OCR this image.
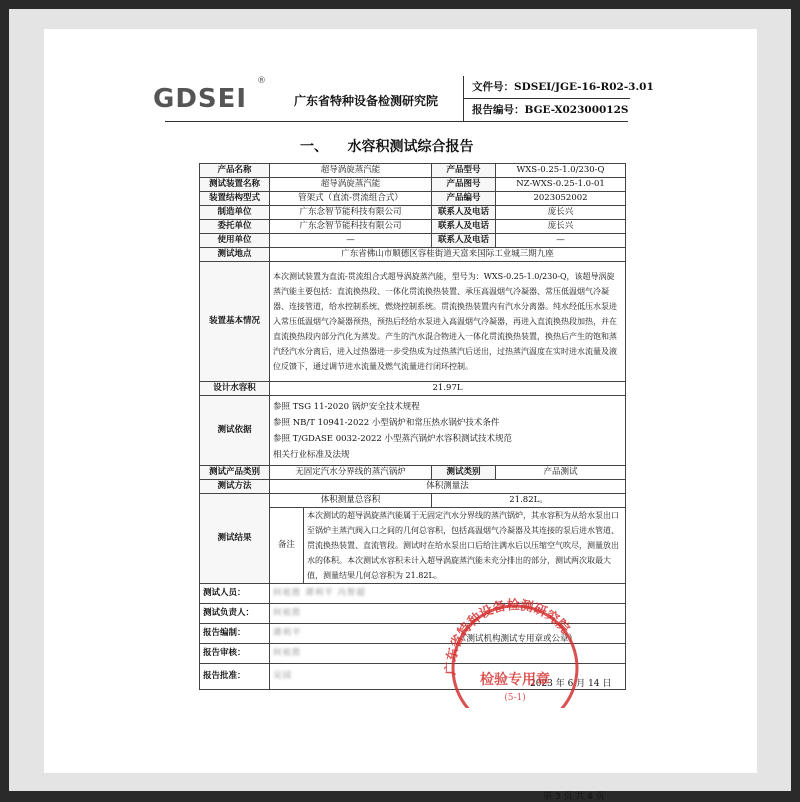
GDSEI
®
广东省特种设备检测研究院
文件号：SDSEI/JGE-16-R02-3.01
报告编号：BGE-X02300012S
一、    水容积测试综合报告
产品名称	超导涡旋蒸汽能		产品型号	WXS-0.25-1.0/230-Q
测试装置名称	超导涡旋蒸汽能		产品图号	NZ-WXS-0.25-1.0-01
装置结构型式	管架式（直流-贯流组合式）		产品编号	2023052002
制造单位	广东念智节能科技有限公司		联系人及电话	庞长兴
委托单位	广东念智节能科技有限公司		联系人及电话	庞长兴
使用单位	—		联系人及电话	—
测试地点	广东省佛山市顺德区容桂街道天富来国际工业城三期九座			
装置基本情况	本次测试装置为直流-贯流组合式超导涡旋蒸汽能，型号为：WXS-0.25-1.0/230-Q，该超导涡旋蒸汽能主要包括：直流换热段、一体化贯流换热装置、承压高温烟气冷凝器、常压低温烟气冷凝器、连接管道，给水控制系统、燃烧控制系统。贯流换热装置内有汽水分离器。纯水经低压水泵进入常压低温烟气冷凝器预热，预热后经给水泵进入高温烟气冷凝器，再进入直流换热段加热，并在直流换热段内部分汽化为蒸发。产生的汽水混合物进入一体化贯流换热装置，换热后产生的饱和蒸汽经汽水分离后，进入过热器进一步受热成为过热蒸汽后送出，过热蒸汽温度在实时进水流量及液位反馈下，通过调节进水流量及燃气流量进行闭环控制。			
设计水容积	21.97L			
测试依据	参照 TSG 11-2020 锅炉安全技术规程
参照 NB/T 10941-2022 小型锅炉和常压热水锅炉技术条件
参照 T/GDASE 0032-2022 小型蒸汽锅炉水容积测试技术规范
相关行业标准及法规			

测试产品类别	无固定汽水分界线的蒸汽锅炉		测试类别	产品测试
测试方法	体积测量法			
测试结果	体积测量总容积		21.82L。	
	备注	本次测试的超导涡旋蒸汽能属于无固定汽水分界线的蒸汽锅炉，其水容积为从给水泵出口至锅炉主蒸汽阀入口之间的几何总容积，包括高温烟气冷凝器及其连接的泵后进水管道、贯流换热装置、直流管段。测试时在给水泵出口后给注满水后以压缩空气吹尽，测量放出水的体积。本次测试水容积未计入超导涡旋蒸汽能未充分排出的部分，测试两次取最大值，测量结果几何总容积为 21.82L。		
测试人员：	何祖胜 谭利平 冯智超			
测试负责人：	何祖胜			
报告编制：	谭利平			
报告审核：	何祖胜			
报告批准：	吴国			
（测试机构测试专用章或公章）
2023 年 6 月 14 日
广东省特种设备检测研究院
检验专用章
(5-1)
第 3 页 共 4 页
